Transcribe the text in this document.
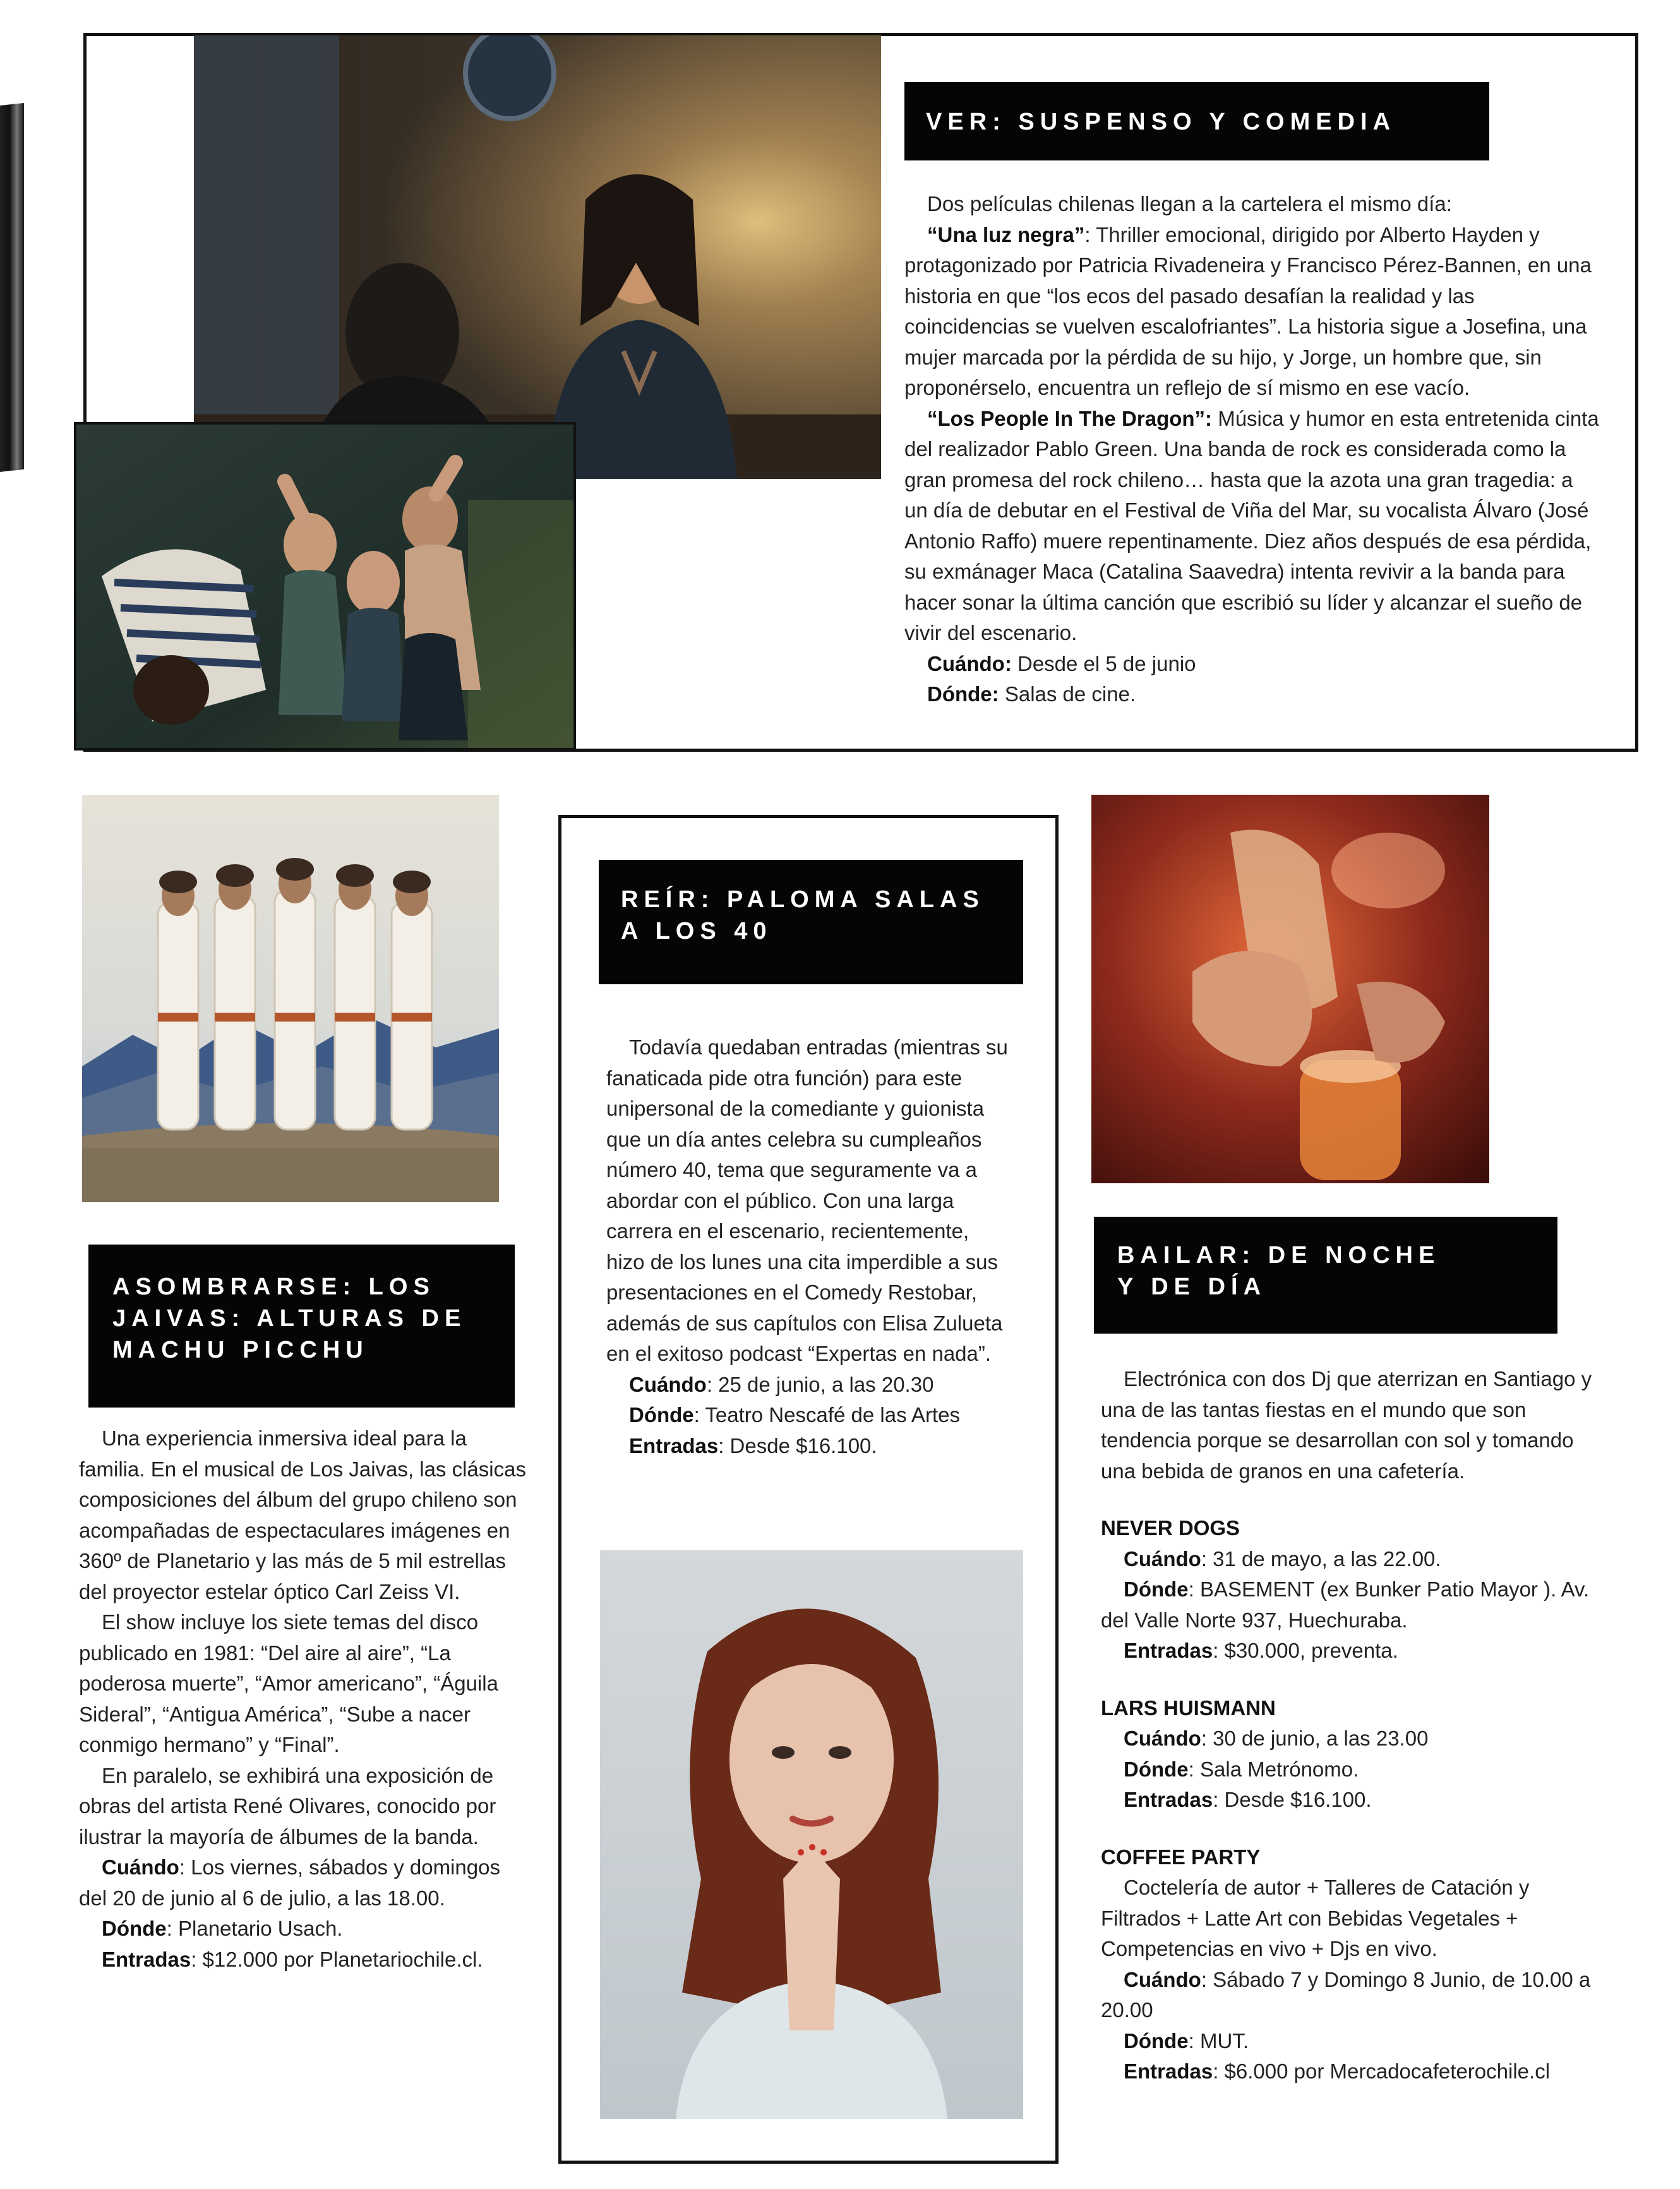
VER: SUSPENSO Y COMEDIA

Dos películas chilenas llegan a la cartelera el mismo día:

“Una luz negra”: Thriller emocional, dirigido por Alberto Hayden y protagonizado por Patricia Rivadeneira y Francisco Pérez-Bannen, en una historia en que “los ecos del pasado desafían la realidad y las coincidencias se vuelven escalofriantes”. La historia sigue a Josefina, una mujer marcada por la pérdida de su hijo, y Jorge, un hombre que, sin proponérselo, encuentra un reflejo de sí mismo en ese vacío.

“Los People In The Dragon”: Música y humor en esta entretenida cinta del realizador Pablo Green. Una banda de rock es considerada como la gran promesa del rock chileno… hasta que la azota una gran tragedia: a un día de debutar en el Festival de Viña del Mar, su vocalista Álvaro (José Antonio Raffo) muere repentinamente. Diez años después de esa pérdida, su exmánager Maca (Catalina Saavedra) intenta revivir a la banda para hacer sonar la última canción que escribió su líder y alcanzar el sueño de vivir del escenario.

Cuándo: Desde el 5 de junio

Dónde: Salas de cine.

ASOMBRARSE: LOS
JAIVAS: ALTURAS DE
MACHU PICCHU

Una experiencia inmersiva ideal para la familia. En el musical de Los Jaivas, las clásicas composiciones del álbum del grupo chileno son acompañadas de espectaculares imágenes en 360º de Planetario y las más de 5 mil estrellas del proyector estelar óptico Carl Zeiss VI.

El show incluye los siete temas del disco publicado en 1981: “Del aire al aire”, “La poderosa muerte”, “Amor americano”, “Águila Sideral”, “Antigua América”, “Sube a nacer conmigo hermano” y “Final”.

En paralelo, se exhibirá una exposición de obras del artista René Olivares, conocido por ilustrar la mayoría de álbumes de la banda.

Cuándo: Los viernes, sábados y domingos del 20 de junio al 6 de julio, a las 18.00.

Dónde: Planetario Usach.

Entradas: $12.000 por Planetariochile.cl.

REÍR: PALOMA SALAS
A LOS 40

Todavía quedaban entradas (mientras su fanaticada pide otra función) para este unipersonal de la comediante y guionista que un día antes celebra su cumpleaños número 40, tema que seguramente va a abordar con el público. Con una larga carrera en el escenario, recientemente, hizo de los lunes una cita imperdible a sus presentaciones en el Comedy Restobar, además de sus capítulos con Elisa Zulueta en el exitoso podcast “Expertas en nada”.

Cuándo: 25 de junio, a las 20.30

Dónde: Teatro Nescafé de las Artes

Entradas: Desde $16.100.

BAILAR: DE NOCHE
Y DE DÍA

Electrónica con dos Dj que aterrizan en Santiago y una de las tantas fiestas en el mundo que son tendencia porque se desarrollan con sol y tomando una bebida de granos en una cafetería.

NEVER DOGS

Cuándo: 31 de mayo, a las 22.00.

Dónde: BASEMENT (ex Bunker Patio Mayor ). Av. del Valle Norte 937, Huechuraba.

Entradas: $30.000, preventa.

LARS HUISMANN

Cuándo: 30 de junio, a las 23.00

Dónde: Sala Metrónomo.

Entradas: Desde $16.100.

COFFEE PARTY

Coctelería de autor + Talleres de Catación y Filtrados + Latte Art con Bebidas Vegetales + Competencias en vivo + Djs en vivo.

Cuándo: Sábado 7 y Domingo 8 Junio, de 10.00 a 20.00

Dónde: MUT.

Entradas: $6.000 por Mercadocafeterochile.cl
